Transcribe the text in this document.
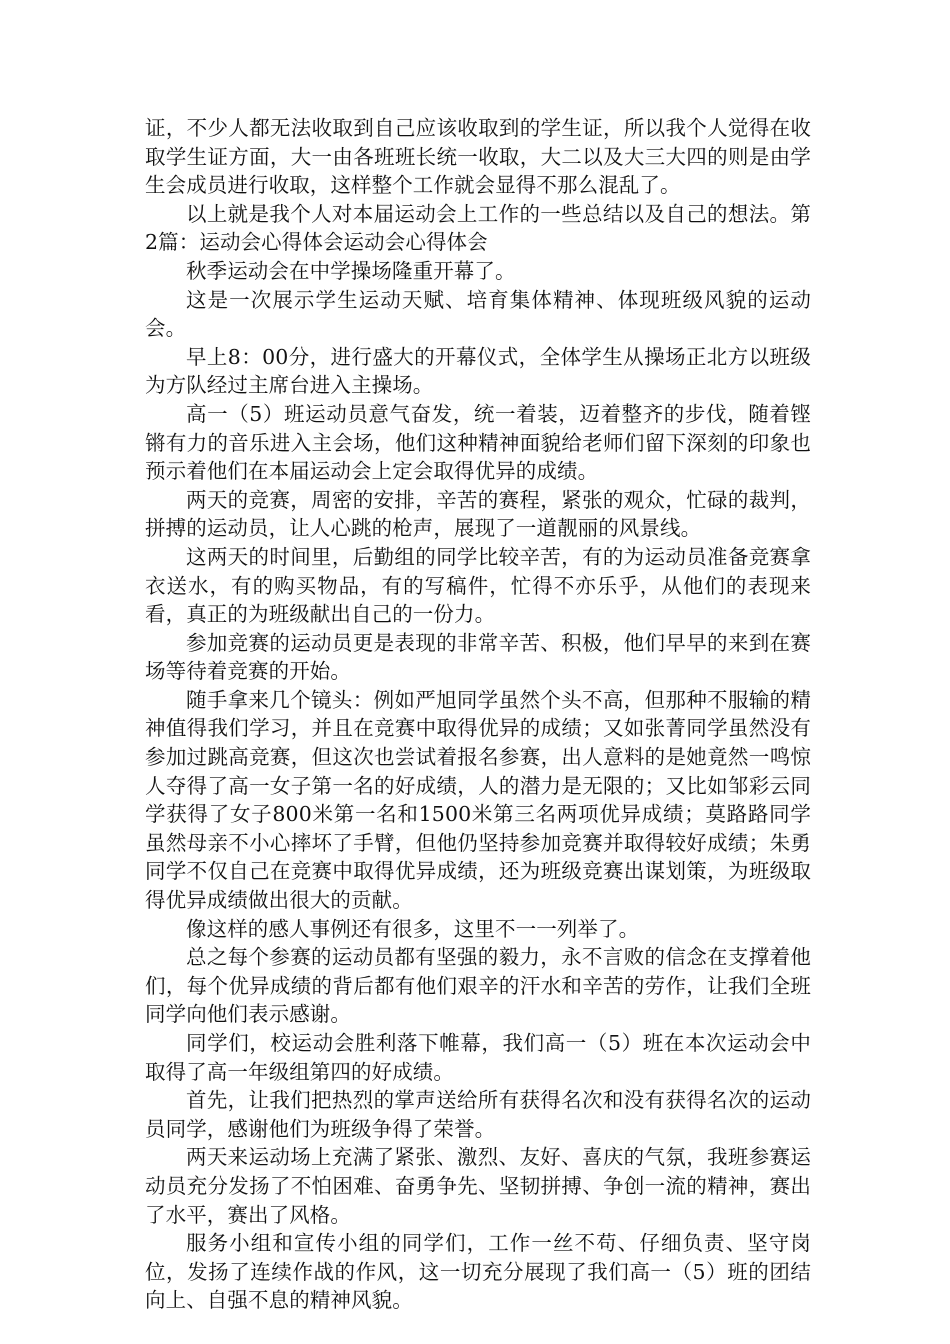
证，不少人都无法收取到自己应该收取到的学生证，所以我个人觉得在收取学生证方面，大一由各班班长统一收取，大二以及大三大四的则是由学生会成员进行收取，这样整个工作就会显得不那么混乱了。

以上就是我个人对本届运动会上工作的一些总结以及自己的想法。第2篇：运动会心得体会运动会心得体会

秋季运动会在中学操场隆重开幕了。

这是一次展示学生运动天赋、培育集体精神、体现班级风貌的运动会。

早上8：00分，进行盛大的开幕仪式，全体学生从操场正北方以班级为方队经过主席台进入主操场。

高一（5）班运动员意气奋发，统一着装，迈着整齐的步伐，随着铿锵有力的音乐进入主会场，他们这种精神面貌给老师们留下深刻的印象也预示着他们在本届运动会上定会取得优异的成绩。

两天的竞赛，周密的安排，辛苦的赛程，紧张的观众，忙碌的裁判，拼搏的运动员，让人心跳的枪声，展现了一道靓丽的风景线。

这两天的时间里，后勤组的同学比较辛苦，有的为运动员准备竞赛拿衣送水，有的购买物品，有的写稿件，忙得不亦乐乎，从他们的表现来看，真正的为班级献出自己的一份力。

参加竞赛的运动员更是表现的非常辛苦、积极，他们早早的来到在赛场等待着竞赛的开始。

随手拿来几个镜头：例如严旭同学虽然个头不高，但那种不服输的精神值得我们学习，并且在竞赛中取得优异的成绩；又如张菁同学虽然没有参加过跳高竞赛，但这次也尝试着报名参赛，出人意料的是她竟然一鸣惊人夺得了高一女子第一名的好成绩，人的潜力是无限的；又比如邹彩云同学获得了女子800米第一名和1500米第三名两项优异成绩；莫路路同学虽然母亲不小心摔坏了手臂，但他仍坚持参加竞赛并取得较好成绩；朱勇同学不仅自己在竞赛中取得优异成绩，还为班级竞赛出谋划策，为班级取得优异成绩做出很大的贡献。

像这样的感人事例还有很多，这里不一一列举了。

总之每个参赛的运动员都有坚强的毅力，永不言败的信念在支撑着他们，每个优异成绩的背后都有他们艰辛的汗水和辛苦的劳作，让我们全班同学向他们表示感谢。

同学们，校运动会胜利落下帷幕，我们高一（5）班在本次运动会中取得了高一年级组第四的好成绩。

首先，让我们把热烈的掌声送给所有获得名次和没有获得名次的运动员同学，感谢他们为班级争得了荣誉。

两天来运动场上充满了紧张、激烈、友好、喜庆的气氛，我班参赛运动员充分发扬了不怕困难、奋勇争先、坚韧拼搏、争创一流的精神，赛出了水平，赛出了风格。

服务小组和宣传小组的同学们，工作一丝不苟、仔细负责、坚守岗位，发扬了连续作战的作风，这一切充分展现了我们高一（5）班的团结向上、自强不息的精神风貌。
